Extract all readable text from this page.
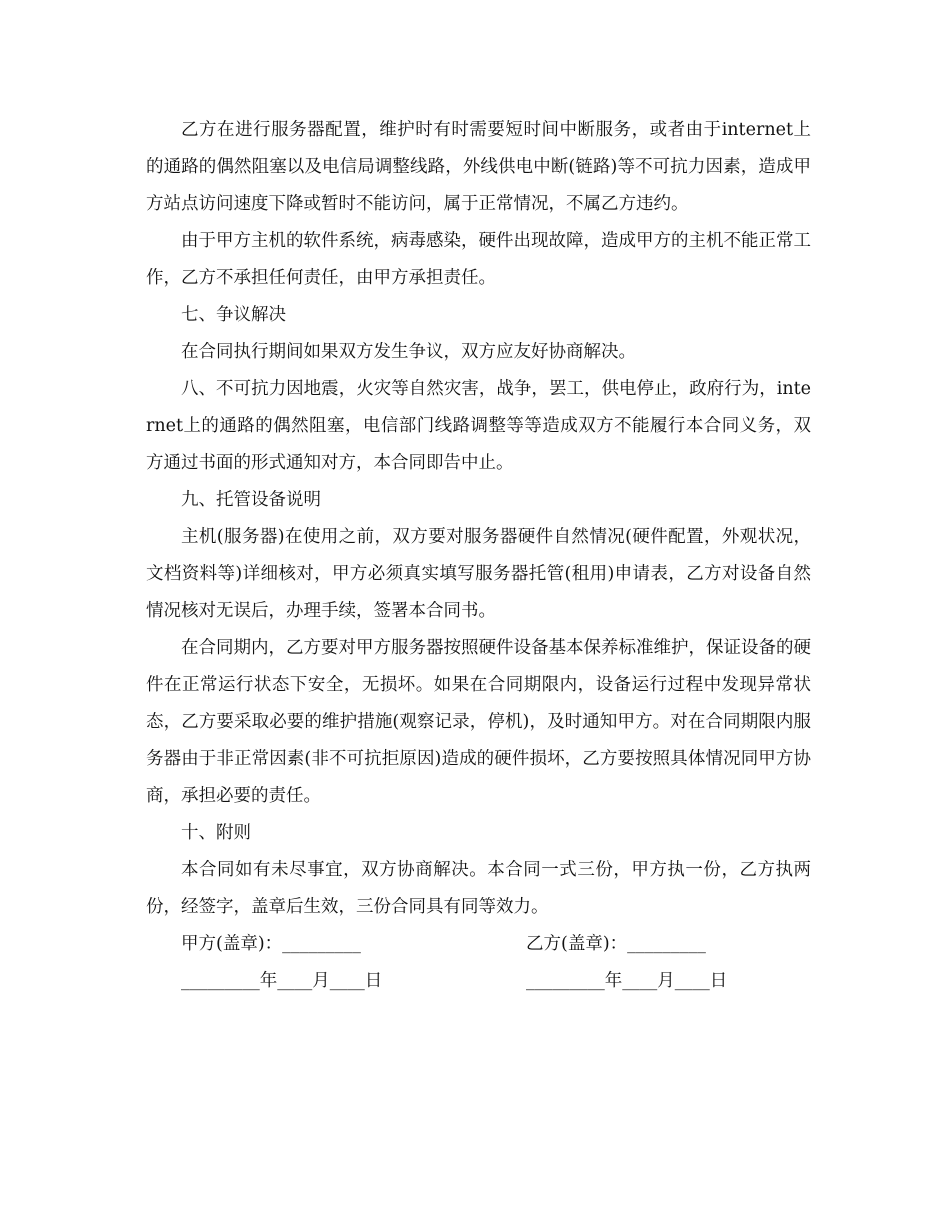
乙方在进行服务器配置，维护时有时需要短时间中断服务，或者由于internet上的通路的偶然阻塞以及电信局调整线路，外线供电中断(链路)等不可抗力因素，造成甲方站点访问速度下降或暂时不能访问，属于正常情况，不属乙方违约。

由于甲方主机的软件系统，病毒感染，硬件出现故障，造成甲方的主机不能正常工作，乙方不承担任何责任，由甲方承担责任。

七、争议解决

在合同执行期间如果双方发生争议，双方应友好协商解决。

八、不可抗力因地震，火灾等自然灾害，战争，罢工，供电停止，政府行为，internet上的通路的偶然阻塞，电信部门线路调整等等造成双方不能履行本合同义务，双方通过书面的形式通知对方，本合同即告中止。

九、托管设备说明

主机(服务器)在使用之前，双方要对服务器硬件自然情况(硬件配置，外观状况，文档资料等)详细核对，甲方必须真实填写服务器托管(租用)申请表，乙方对设备自然情况核对无误后，办理手续，签署本合同书。

在合同期内，乙方要对甲方服务器按照硬件设备基本保养标准维护，保证设备的硬件在正常运行状态下安全，无损坏。如果在合同期限内，设备运行过程中发现异常状态，乙方要采取必要的维护措施(观察记录，停机)，及时通知甲方。对在合同期限内服务器由于非正常因素(非不可抗拒原因)造成的硬件损坏，乙方要按照具体情况同甲方协商，承担必要的责任。

十、附则

本合同如有未尽事宜，双方协商解决。本合同一式三份，甲方执一份，乙方执两份，经签字，盖章后生效，三份合同具有同等效力。

甲方(盖章)：_________

	乙方(盖章)：_________

_________年____月____日

	_________年____月____日
